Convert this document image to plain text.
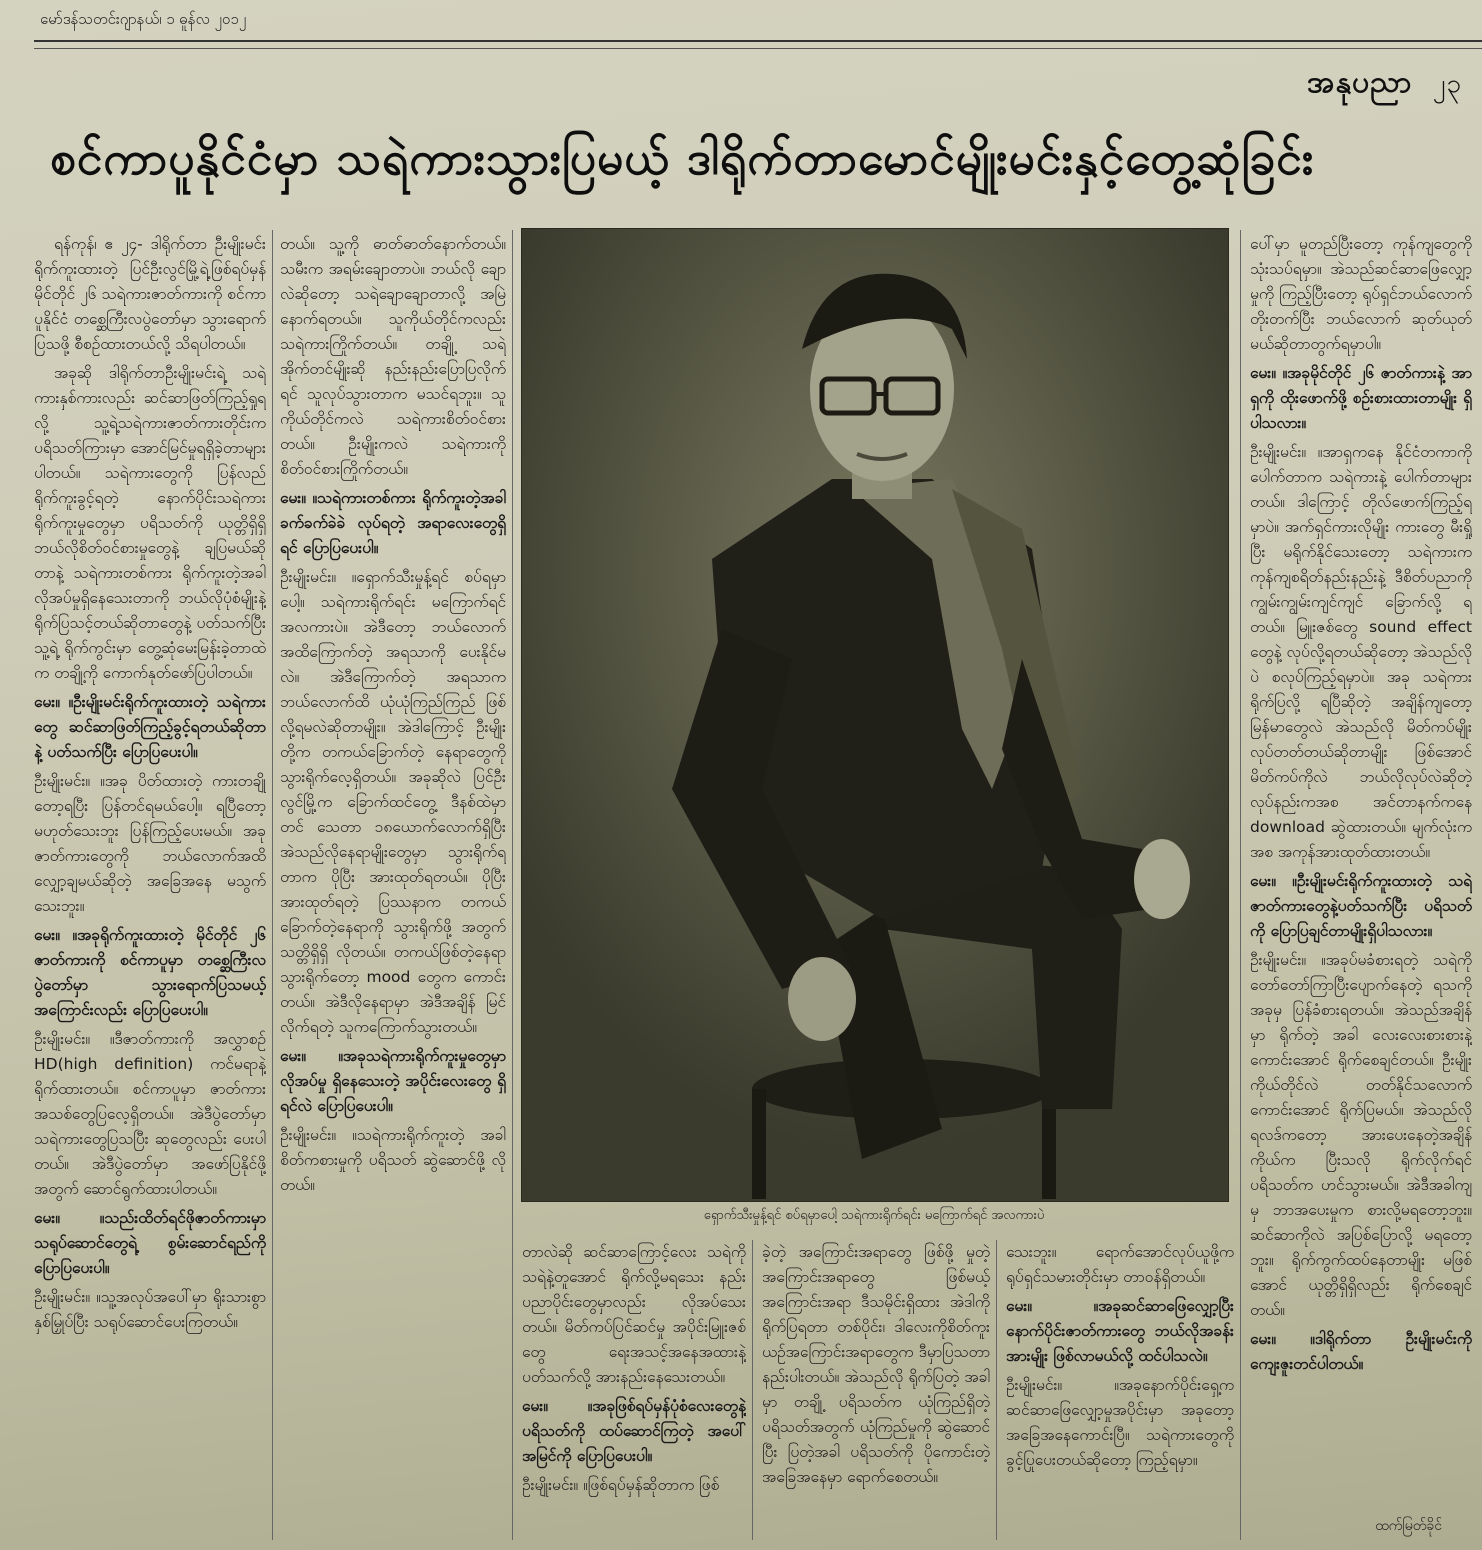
မော်ဒန်သတင်းဂျာနယ်၊ ၁ ဓူန်လ ၂၀၁၂
အနုပညာ ၂၃
စင်ကာပူနိုင်ငံမှာ သရဲကားသွားပြမယ့် ဒါရိုက်တာမောင်မျိုးမင်းနှင့်တွေ့ဆုံခြင်း

ရန်ကုန်၊ ဧ ၂၄- ဒါရိုက်တာ ဦးမျိုးမင်းရိုက်ကူးထားတဲ့ ပြင်ဦးလွင်မြို့ရဲ့ဖြစ်ရပ်မှန်မိုင်တိုင် ၂၆ သရဲကားဇာတ်ကားကို စင်ကာပူနိုင်ငံ တစ္ဆေကြီးလပွဲတော်မှာ သွားရောက်ပြသဖို့ စီစဉ်ထားတယ်လို့ သိရပါတယ်။

အခုဆို ဒါရိုက်တာဦးမျိုးမင်းရဲ့ သရဲကားနှစ်ကားလည်း ဆင်ဆာဖြတ်ကြည့်ရှုရလို့ သူ့ရဲ့သရဲကားဇာတ်ကားတိုင်းက ပရိသတ်ကြားမှာ အောင်မြင်မှုရရှိခဲ့တာများပါတယ်။ သရဲကားတွေကို ပြန်လည်ရိုက်ကူးခွင့်ရတဲ့ နောက်ပိုင်းသရဲကား ရိုက်ကူးမှုတွေမှာ ပရိသတ်ကို ယုတ္တိရှိရှိ ဘယ်လိုစိတ်ဝင်စားမှုတွေနဲ့ ချပြမယ်ဆိုတာနဲ့ သရဲကားတစ်ကား ရိုက်ကူးတဲ့အခါ လိုအပ်မှုရှိနေသေးတာကို ဘယ်လိုပုံစံမျိုးနဲ့ ရိုက်ပြသင့်တယ်ဆိုတာတွေနဲ့ ပတ်သက်ပြီး သူ့ရဲ့ ရိုက်ကွင်းမှာ တွေ့ဆုံမေးမြန်းခဲ့တာထဲက တချို့ကို ကောက်နုတ်ဖော်ပြပါတယ်။

မေး။ ။ဦးမျိုးမင်းရိုက်ကူးထားတဲ့ သရဲကားတွေ ဆင်ဆာဖြတ်ကြည့်ခွင့်ရတယ်ဆိုတာနဲ့ ပတ်သက်ပြီး ပြောပြပေးပါ။

ဦးမျိုးမင်း။ ။အခု ပိတ်ထားတဲ့ ကားတချို့ တော့ရပြီး ပြန်တင်ရမယ်ပေါ့။ ရပြီတော့ မဟုတ်သေးဘူး ပြန်ကြည့်ပေးမယ်။ အခု ဇာတ်ကားတွေကို ဘယ်လောက်အထိ လျှော့ချမယ်ဆိုတဲ့ အခြေအနေ မသွက်သေးဘူး။

မေး။ ။အခုရိုက်ကူးထားတဲ့ မိုင်တိုင် ၂၆ ဇာတ်ကားကို စင်ကာပူမှာ တစ္ဆေကြီးလပွဲတော်မှာ သွားရောက်ပြသမယ့်အကြောင်းလည်း ပြောပြပေးပါ။

ဦးမျိုးမင်း။ ။ဒီဇာတ်ကားကို အလွှာစဉ် HD(high definition) ကင်မရာနဲ့ ရိုက်ထားတယ်။ စင်ကာပူမှာ ဇာတ်ကားအသစ်တွေပြလေ့ရှိတယ်။ အဲဒီပွဲတော်မှာ သရဲကားတွေပြသပြီး ဆုတွေလည်း ပေးပါတယ်။ အဲဒီပွဲတော်မှာ အဖော်ပြနိုင်ဖို့ အတွက် ဆောင်ရွက်ထားပါတယ်။

မေး။ ။သည်းထိတ်ရင်ဖိုဇာတ်ကားမှာ သရုပ်ဆောင်တွေရဲ့ စွမ်းဆောင်ရည်ကို ပြောပြပေးပါ။

ဦးမျိုးမင်း။ ။သူ့အလုပ်အပေါ်မှာ ရိုးသားစွာ နှစ်မြှုပ်ပြီး သရုပ်ဆောင်ပေးကြတယ်။

တယ်။ သူ့ကို ဓာတ်ဓာတ်နောက်တယ်။ သမီးက အရမ်းချောတာပဲ။ ဘယ်လို ချောလဲဆိုတော့ သရဲချောချောတာလို့ အမြဲနောက်ရတယ်။ သူကိုယ်တိုင်ကလည်း သရဲကားကြိုက်တယ်။ တချို့ သရဲအိုက်တင်မျိုးဆို နည်းနည်းပြောပြလိုက်ရင် သူလုပ်သွားတာက မသင်ရဘူး။ သူကိုယ်တိုင်ကလဲ သရဲကားစိတ်ဝင်စားတယ်။ ဦးမျိုးကလဲ သရဲကားကို စိတ်ဝင်စားကြိုက်တယ်။

မေး။ ။သရဲကားတစ်ကား ရိုက်ကူးတဲ့အခါ ခက်ခက်ခဲခဲ လုပ်ရတဲ့ အရာလေးတွေရှိရင် ပြောပြပေးပါ။

ဦးမျိုးမင်း။ ။ရှောက်သီးမှုန့်ရင် စပ်ရမှာပေါ့။ သရဲကားရိုက်ရင်း မကြောက်ရင် အလကားပဲ။ အဲဒီတော့ ဘယ်လောက်အထိကြောက်တဲ့ အရသာကို ပေးနိုင်မလဲ။ အဲဒီကြောက်တဲ့ အရသာက ဘယ်လောက်ထိ ယုံယုံကြည်ကြည် ဖြစ်လို့ရမလဲဆိုတာမျိုး။ အဲဒါကြောင့် ဦးမျိုးတို့က တကယ်ခြောက်တဲ့ နေရာတွေကို သွားရိုက်လေ့ရှိတယ်။ အခုဆိုလဲ ပြင်ဦးလွင်မြို့က ခြောက်ထင်တွေ့ ဒီနစ်ထဲမှာတင် သေတာ ၁၈ယောက်လောက်ရှိပြီး အဲသည်လိုနေရာမျိုးတွေမှာ သွားရိုက်ရတာက ပိုပြီး အားထုတ်ရတယ်။ ပိုပြီးအားထုတ်ရတဲ့ ပြဿနာက တကယ်ခြောက်တဲ့နေရာကို သွားရိုက်ဖို့ အတွက် သတ္တိရှိရှိ လိုတယ်။ တကယ်ဖြစ်တဲ့နေရာ သွားရိုက်တော့ mood တွေက ကောင်းတယ်။ အဲဒီလိုနေရာမှာ အဲဒီအချိန် မြင်လိုက်ရတဲ့ သူကကြောက်သွားတယ်။

မေး။ ။အခုသရဲကားရိုက်ကူးမှုတွေမှာ လိုအပ်မှု ရှိနေသေးတဲ့ အပိုင်းလေးတွေ ရှိရင်လဲ ပြောပြပေးပါ။

ဦးမျိုးမင်း။ ။သရဲကားရိုက်ကူးတဲ့ အခါ စိတ်ကစားမှုကို ပရိသတ် ဆွဲဆောင်ဖို့ လိုတယ်။

ပေါ်မှာ မူတည်ပြီးတော့ ကုန်ကျတွေကို သုံးသပ်ရမှာ။ အဲသည်ဆင်ဆာဖြေလျှော့မှုကို ကြည့်ပြီးတော့ ရုပ်ရှင်ဘယ်လောက် တိုးတက်ပြီး ဘယ်လောက် ဆုတ်ယုတ်မယ်ဆိုတာတွက်ရမှာပါ။

မေး။ ။အခုမိုင်တိုင် ၂၆ ဇာတ်ကားနဲ့ အာရှကို ထိုးဖောက်ဖို့ စဉ်းစားထားတာမျိုး ရှိပါသလား။

ဦးမျိုးမင်း။ ။အာရှကနေ နိုင်ငံတကာကို ပေါက်တာက သရဲကားနဲ့ ပေါက်တာများတယ်။ ဒါကြောင့် တိုလ်ဖောက်ကြည့်ရမှာပဲ။ အက်ရှင်ကားလိုမျိုး ကားတွေ မီးရှို့ပြီး မရိုက်နိုင်သေးတော့ သရဲကားက ကုန်ကျစရိတ်နည်းနည်းနဲ့ ဒီစိတ်ပညာကို ကျွမ်းကျွမ်းကျင်ကျင် ခြောက်လို့ ရတယ်။ မြူးဇစ်တွေ sound effect တွေနဲ့ လုပ်လို့ရတယ်ဆိုတော့ အဲသည်လိုပဲ စလုပ်ကြည့်ရမှာပဲ။ အခု သရဲကားရိုက်ပြလို့ ရပြီဆိုတဲ့ အချိန်ကျတော့ မြန်မာတွေလဲ အဲသည်လို မိတ်ကပ်မျိုး လုပ်တတ်တယ်ဆိုတာမျိုး ဖြစ်အောင် မိတ်ကပ်ကိုလဲ ဘယ်လိုလုပ်လဲဆိုတဲ့ လုပ်နည်းကအစ အင်တာနက်ကနေ download ဆွဲထားတယ်။ မျက်လုံးကအစ အကုန်အားထုတ်ထားတယ်။

မေး။ ။ဦးမျိုးမင်းရိုက်ကူးထားတဲ့ သရဲဇာတ်ကားတွေနဲ့ပတ်သက်ပြီး ပရိသတ်ကို ပြောပြချင်တာမျိုးရှိပါသလား။

ဦးမျိုးမင်း။ ။အခုပ်မခံစားရတဲ့ သရဲကို တော်တော်ကြာပြီးပျောက်နေတဲ့ ရသကို အခုမှ ပြန်ခံစားရတယ်။ အဲသည်အချိန်မှာ ရိုက်တဲ့ အခါ လေးလေးစားစားနဲ့ ကောင်းအောင် ရိုက်စေချင်တယ်။ ဦးမျိုးကိုယ်တိုင်လဲ တတ်နိုင်သလောက် ကောင်းအောင် ရိုက်ပြမယ်။ အဲသည်လိုရလဒ်ကတော့ အားပေးနေတဲ့အချိန်ကိုယ်က ပြီးသလို ရိုက်လိုက်ရင် ပရိသတ်က ဟင်သွားမယ်။ အဲဒီအခါကျမှ ဘာအပေးမှုက စားလို့မရတော့ဘူး။ ဆင်ဆာကိုလဲ အပြစ်ပြောလို့ မရတော့ဘူး။ ရိုက်ကွက်ထပ်နေတာမျိုး မဖြစ်အောင် ယုတ္တိရှိရှိလည်း ရိုက်စေချင်တယ်။

မေး။ ။ဒါရိုက်တာ ဦးမျိုးမင်းကို ကျေးဇူးတင်ပါတယ်။

တာလဲဆို ဆင်ဆာကြောင့်လေး သရဲကို သရဲနဲ့တူအောင် ရိုက်လို့မရသေး နည်းပညာပိုင်းတွေမှာလည်း လိုအပ်သေးတယ်။ မိတ်ကပ်ပြင်ဆင်မှု အပိုင်းမြူးဇစ်တွေ ရေးအသင့်အနေအထားနဲ့ ပတ်သက်လို့ အားနည်းနေသေးတယ်။

မေး။ ။အခုဖြစ်ရပ်မှန်ပုံစံလေးတွေနဲ့ ပရိသတ်ကို ထပ်ဆောင်ကြတဲ့ အပေါ် အမြင်ကို ပြောပြပေးပါ။

ဦးမျိုးမင်း။ ။ဖြစ်ရပ်မှန်ဆိုတာက ဖြစ်

ခဲ့တဲ့ အကြောင်းအရာတွေ ဖြစ်ဖို့ မှုတဲ့ အကြောင်းအရာတွေ ဖြစ်မယ့်အကြောင်းအရာ ဒီသမိုင်းရှိထား အဲဒါကို ရိုက်ပြရတာ တစ်ပိုင်း၊ ဒါလေးကိုစိတ်ကူးယဉ်အကြောင်းအရာတွေက ဒီမှာပြသတာ နည်းပါးတယ်။ အဲသည်လို ရိုက်ပြတဲ့ အခါမှာ တချို့ ပရိသတ်က ယုံကြည်ရှိတဲ့ ပရိသတ်အတွက် ယုံကြည်မှုကို ဆွဲဆောင်ပြီး ပြတဲ့အခါ ပရိသတ်ကို ပိုကောင်းတဲ့ အခြေအနေမှာ ရောက်စေတယ်။

သေးဘူး။ ရောက်အောင်လုပ်ယူဖို့က ရုပ်ရှင်သမားတိုင်းမှာ တာဝန်ရှိတယ်။

မေး။ ။အခုဆင်ဆာဖြေလျှော့ပြီး နောက်ပိုင်းဇာတ်ကားတွေ ဘယ်လိုအခန်းအားမျိုး ဖြစ်လာမယ်လို့ ထင်ပါသလဲ။

ဦးမျိုးမင်း။ ။အခုနောက်ပိုင်းရှေ့က ဆင်ဆာဖြေလျှော့မှုအပိုင်းမှာ အခုတော့ အခြေအနေကောင်းပြီ။ သရဲကားတွေကို ခွင့်ပြုပေးတယ်ဆိုတော့ ကြည့်ရမှာ။

ရှောက်သီးမှုန့်ရင် စပ်ရမှာပေါ့ သရဲကားရိုက်ရင်း မကြောက်ရင် အလကားပဲ
ထက်မြတ်ခိုင်
